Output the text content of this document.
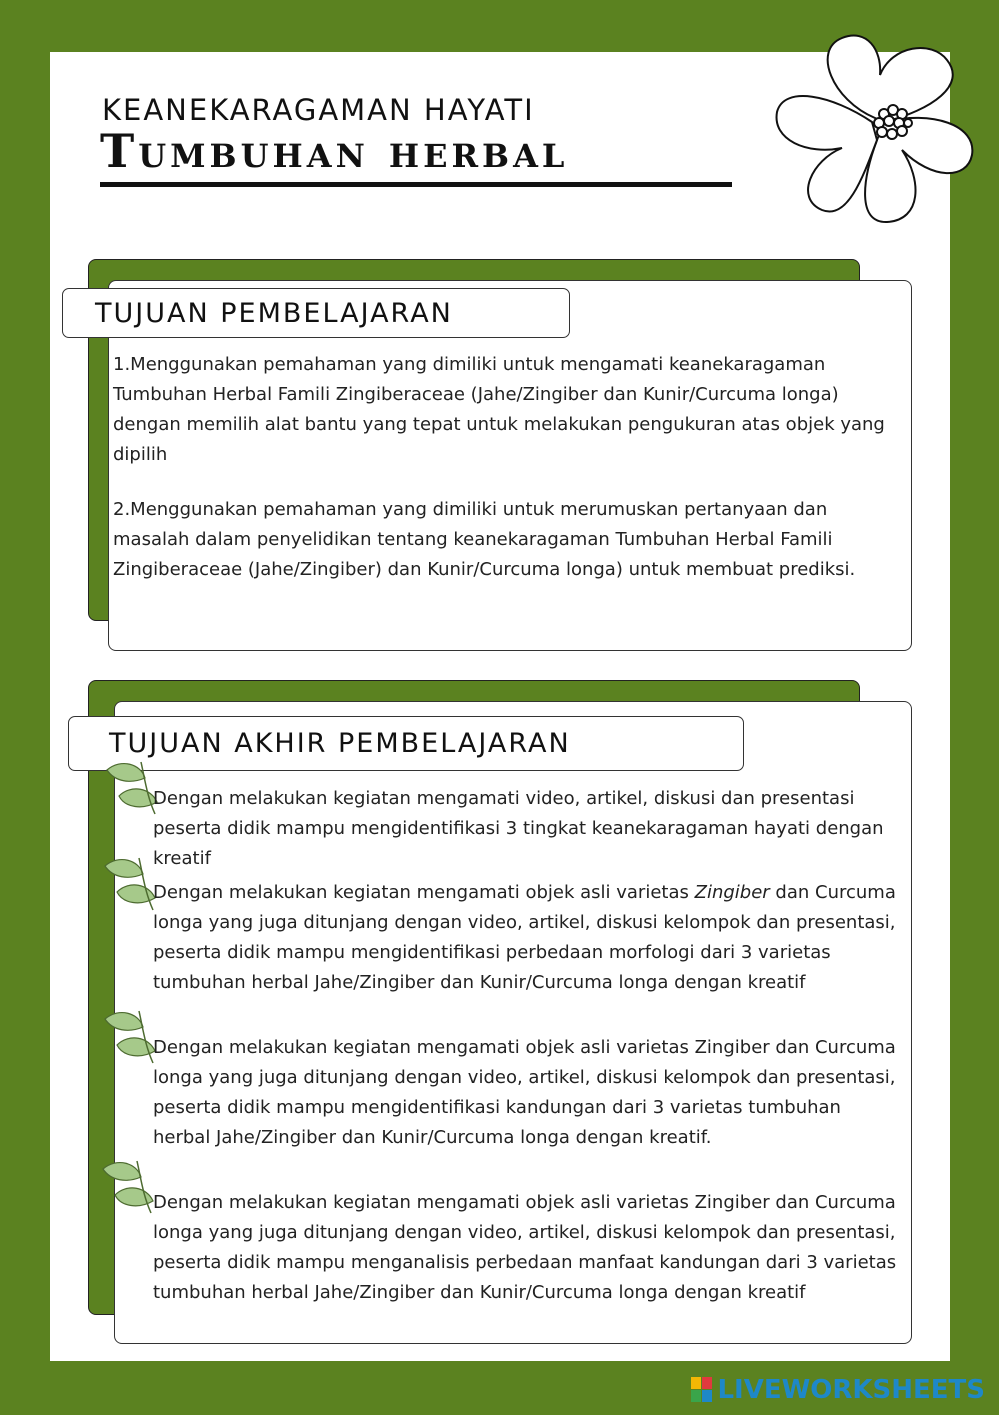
KEANEKARAGAMAN HAYATI
Tumbuhan herbal
TUJUAN PEMBELAJARAN

1.Menggunakan pemahaman yang dimiliki untuk mengamati keanekaragaman Tumbuhan Herbal Famili Zingiberaceae (Jahe/Zingiber dan Kunir/Curcuma longa) dengan memilih alat bantu yang tepat untuk melakukan pengukuran atas objek yang dipilih

2.Menggunakan pemahaman yang dimiliki untuk merumuskan pertanyaan dan masalah dalam penyelidikan tentang keanekaragaman Tumbuhan Herbal Famili Zingiberaceae (Jahe/Zingiber) dan Kunir/Curcuma longa) untuk membuat prediksi.

TUJUAN AKHIR PEMBELAJARAN

Dengan melakukan kegiatan mengamati video, artikel, diskusi dan presentasi peserta didik mampu mengidentifikasi 3 tingkat keanekaragaman hayati dengan kreatif

Dengan melakukan kegiatan mengamati objek asli varietas Zingiber dan Curcuma longa yang juga ditunjang dengan video, artikel, diskusi kelompok dan presentasi, peserta didik mampu mengidentifikasi perbedaan morfologi dari 3 varietas tumbuhan herbal Jahe/Zingiber dan Kunir/Curcuma longa dengan kreatif

Dengan melakukan kegiatan mengamati objek asli varietas Zingiber dan Curcuma longa yang juga ditunjang dengan video, artikel, diskusi kelompok dan presentasi, peserta didik mampu mengidentifikasi kandungan dari 3 varietas tumbuhan herbal Jahe/Zingiber dan Kunir/Curcuma longa dengan kreatif.

Dengan melakukan kegiatan mengamati objek asli varietas Zingiber dan Curcuma longa yang juga ditunjang dengan video, artikel, diskusi kelompok dan presentasi, peserta didik mampu menganalisis perbedaan manfaat kandungan dari 3 varietas tumbuhan herbal Jahe/Zingiber dan Kunir/Curcuma longa dengan kreatif

LIVEWORKSHEETS
